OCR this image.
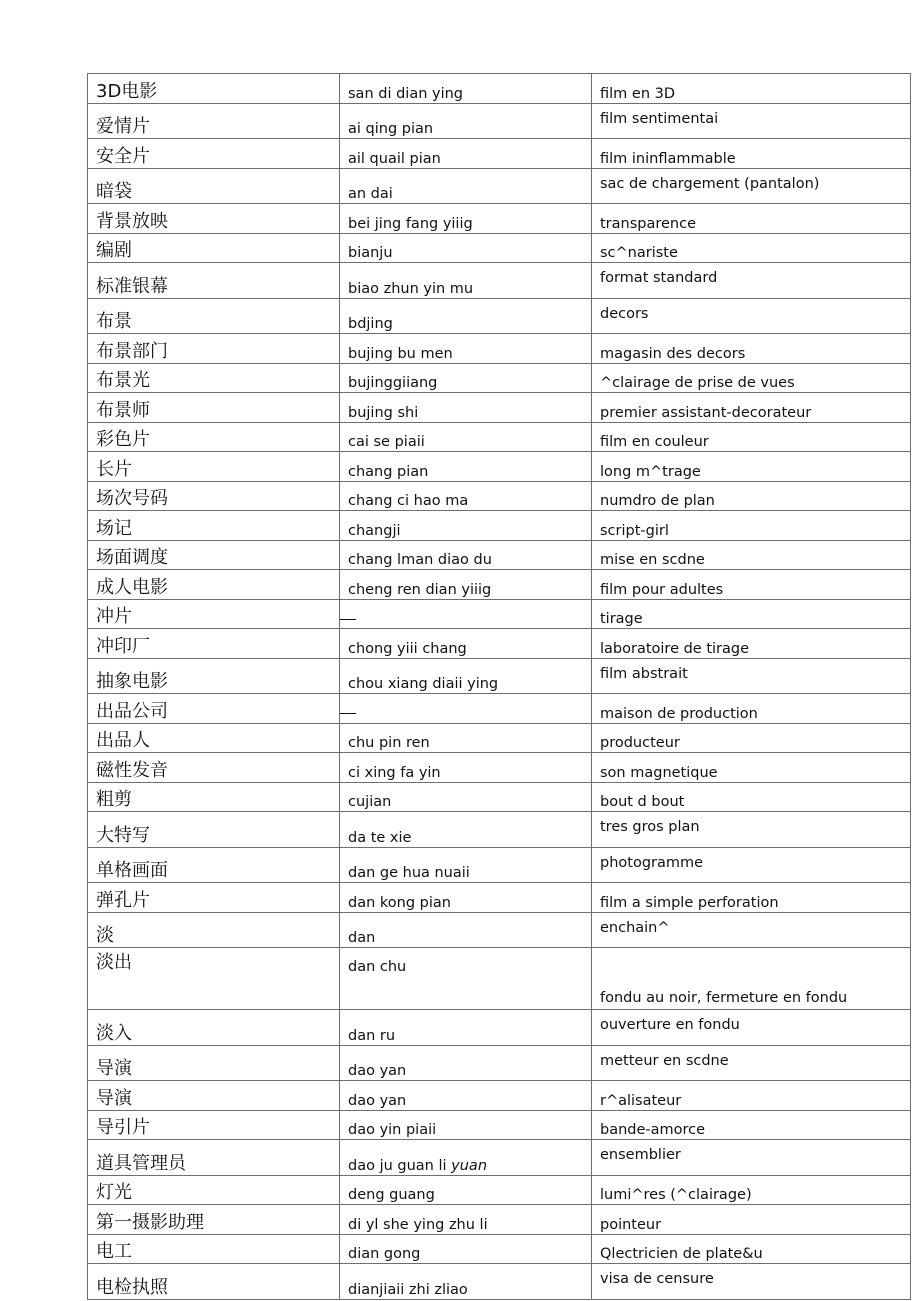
3D电影	san di dian ying	film en 3D
爱情片	ai qing pian	film sentimentai
安全片	ail quail pian	film ininflammable
暗袋	an dai	sac de chargement (pantalon)
背景放映	bei jing fang yiiig	transparence
编剧	bianju	sc^nariste
标准银幕	biao zhun yin mu	format standard
布景	bdjing	decors
布景部门	bujing bu men	magasin des decors
布景光	bujinggiiang	^clairage de prise de vues
布景师	bujing shi	premier assistant-decorateur
彩色片	cai se piaii	film en couleur
长片	chang pian	long m^trage
场次号码	chang ci hao ma	numdro de plan
场记	changji	script-girl
场面调度	chang lman diao du	mise en scdne
成人电影	cheng ren dian yiiig	film pour adultes
冲片		tirage
冲印厂	chong yiii chang	laboratoire de tirage
抽象电影	chou xiang diaii ying	film abstrait
出品公司		maison de production
出品人	chu pin ren	producteur
磁性发音	ci xing fa yin	son magnetique
粗剪	cujian	bout d bout
大特写	da te xie	tres gros plan
单格画面	dan ge hua nuaii	photogramme
弹孔片	dan kong pian	film a simple perforation
淡	dan	enchain^
淡出	dan chu	fondu au noir, fermeture en fondu
淡入	dan ru	ouverture en fondu
导演	dao yan	metteur en scdne
导演	dao yan	r^alisateur
导引片	dao yin piaii	bande-amorce
道具管理员	dao ju guan li yuan	ensemblier
灯光	deng guang	lumi^res (^clairage)
第一摄影助理	di yl she ying zhu li	pointeur
电工	dian gong	Qlectricien de plate&u
电检执照	dianjiaii zhi zliao	visa de censure
